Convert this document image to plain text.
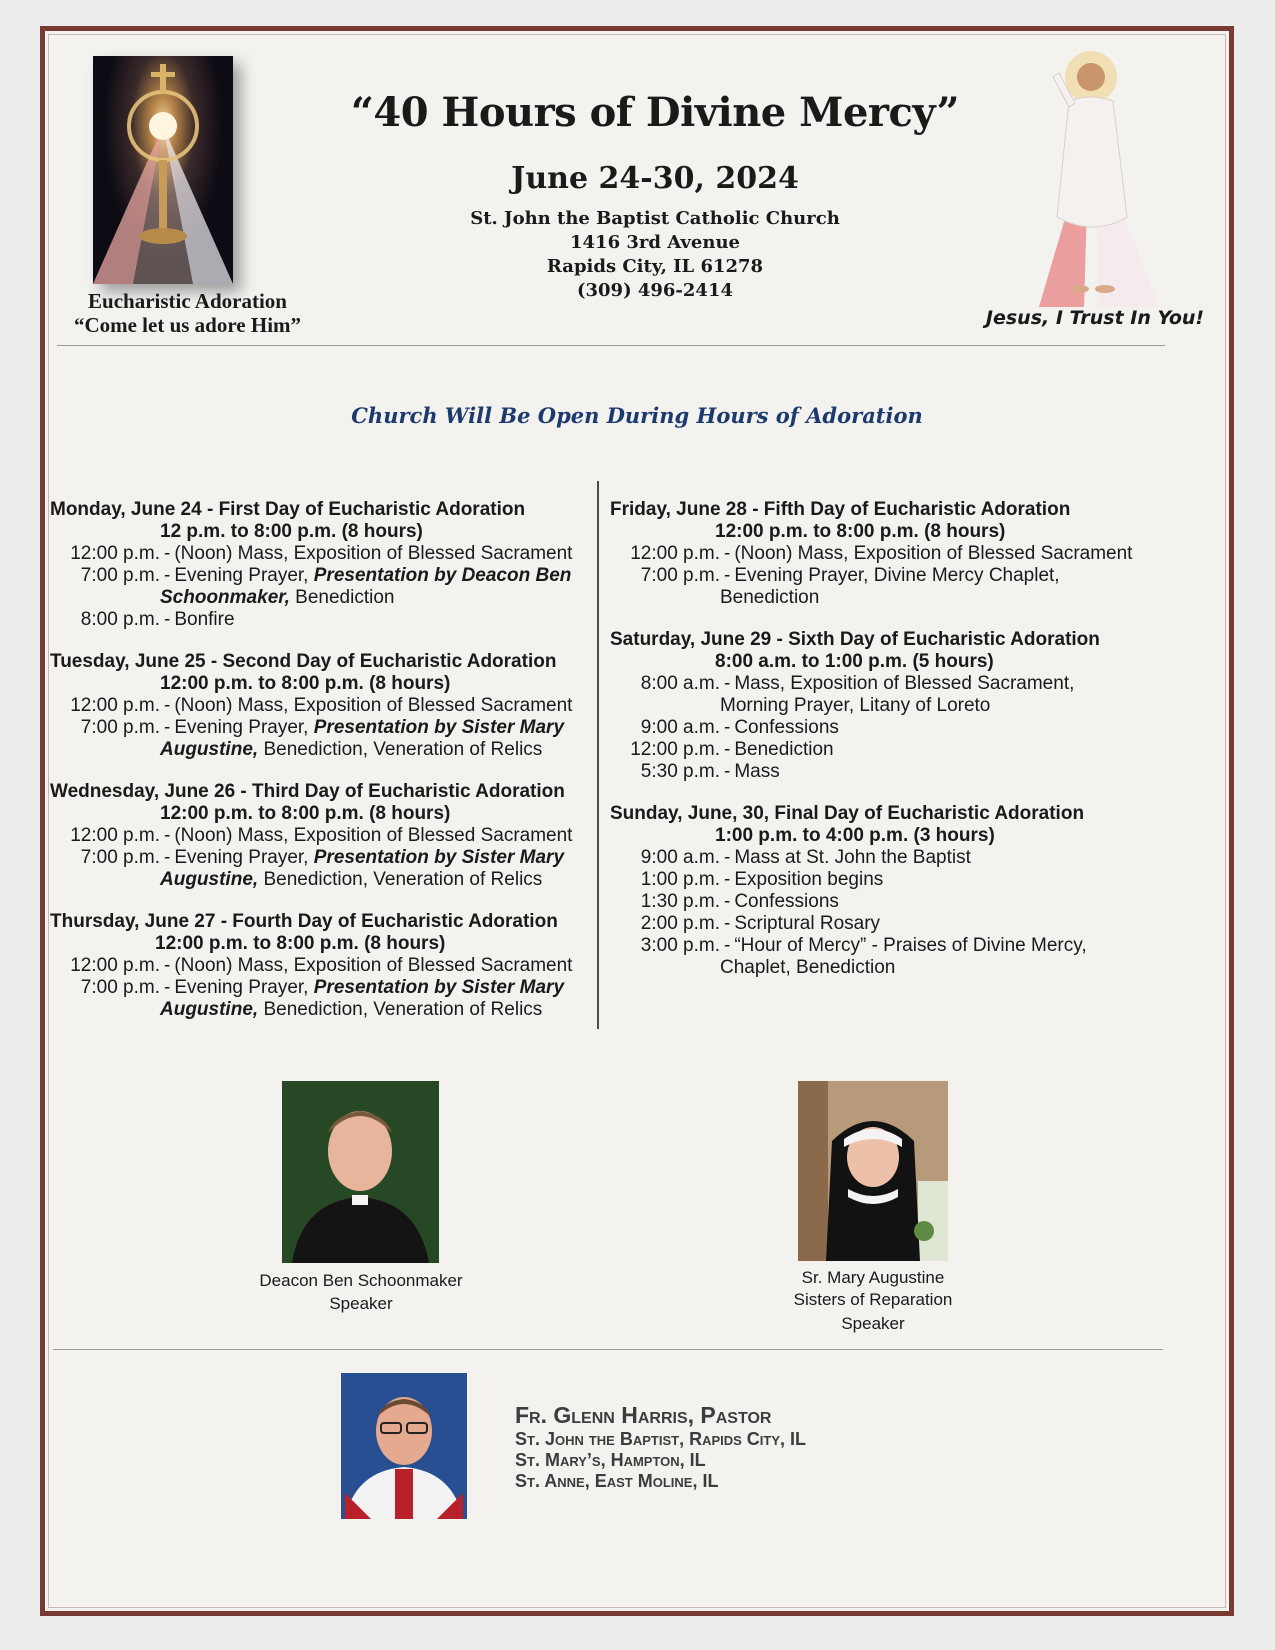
Eucharistic Adoration
“Come let us adore Him”
“40 Hours of Divine Mercy”
June 24-30, 2024
St. John the Baptist Catholic Church
1416 3rd Avenue
Rapids City, IL 61278
(309) 496-2414
Jesus, I Trust In You!
Church Will Be Open During Hours of Adoration
Monday, June 24 - First Day of Eucharistic Adoration
12 p.m. to 8:00 p.m. (8 hours)
12:00 p.m. - (Noon) Mass, Exposition of Blessed Sacrament
7:00 p.m. - Evening Prayer, Presentation by Deacon Ben
Schoonmaker, Benediction
8:00 p.m. - Bonfire
Tuesday, June 25 - Second Day of Eucharistic Adoration
12:00 p.m. to 8:00 p.m. (8 hours)
12:00 p.m. - (Noon) Mass, Exposition of Blessed Sacrament
7:00 p.m. - Evening Prayer, Presentation by Sister Mary
Augustine, Benediction, Veneration of Relics
Wednesday, June 26 - Third Day of Eucharistic Adoration
12:00 p.m. to 8:00 p.m. (8 hours)
12:00 p.m. - (Noon) Mass, Exposition of Blessed Sacrament
7:00 p.m. - Evening Prayer, Presentation by Sister Mary
Augustine, Benediction, Veneration of Relics
Thursday, June 27 - Fourth Day of Eucharistic Adoration
12:00 p.m. to 8:00 p.m. (8 hours)
12:00 p.m. - (Noon) Mass, Exposition of Blessed Sacrament
7:00 p.m. - Evening Prayer, Presentation by Sister Mary
Augustine, Benediction, Veneration of Relics
Friday, June 28 - Fifth Day of Eucharistic Adoration
12:00 p.m. to 8:00 p.m. (8 hours)
12:00 p.m. - (Noon) Mass, Exposition of Blessed Sacrament
7:00 p.m. - Evening Prayer, Divine Mercy Chaplet,
Benediction
Saturday, June 29 - Sixth Day of Eucharistic Adoration
8:00 a.m. to 1:00 p.m. (5 hours)
8:00 a.m. - Mass, Exposition of Blessed Sacrament,
Morning Prayer, Litany of Loreto
9:00 a.m. - Confessions
12:00 p.m. - Benediction
5:30 p.m. - Mass
Sunday, June, 30, Final Day of Eucharistic Adoration
1:00 p.m. to 4:00 p.m. (3 hours)
9:00 a.m. - Mass at St. John the Baptist
1:00 p.m. - Exposition begins
1:30 p.m. - Confessions
2:00 p.m. - Scriptural Rosary
3:00 p.m. - “Hour of Mercy” - Praises of Divine Mercy,
Chaplet, Benediction
Deacon Ben Schoonmaker
Speaker
Sr. Mary Augustine
Sisters of Reparation
Speaker
Fr. Glenn Harris, Pastor
St. John the Baptist, Rapids City, IL
St. Mary’s, Hampton, IL
St. Anne, East Moline, IL
